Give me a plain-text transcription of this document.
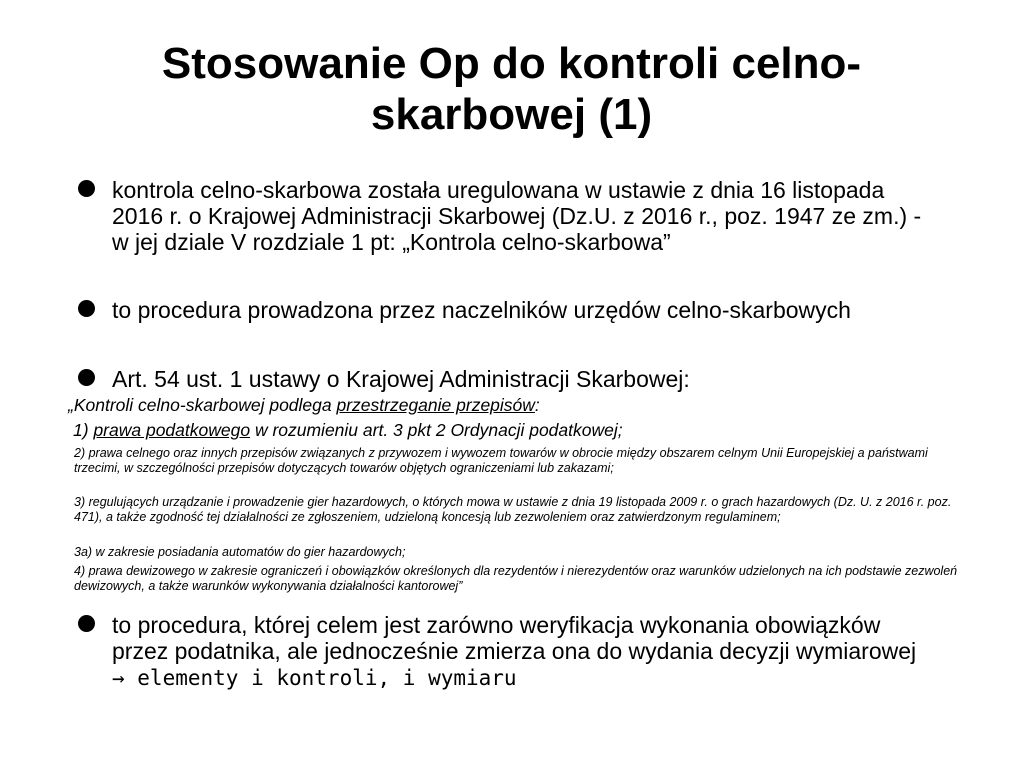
Stosowanie Op do kontroli celno-skarbowej (1)
kontrola celno-skarbowa została uregulowana w ustawie z dnia 16 listopada 2016 r. o Krajowej Administracji Skarbowej (Dz.U. z 2016 r., poz. 1947 ze zm.) - w jej dziale V rozdziale 1 pt: „Kontrola celno-skarbowa”
to procedura prowadzona przez naczelników urzędów celno-skarbowych
Art. 54 ust. 1 ustawy o Krajowej Administracji Skarbowej:
„Kontroli celno-skarbowej podlega przestrzeganie przepisów:
1) prawa podatkowego w rozumieniu art. 3 pkt 2 Ordynacji podatkowej;
2) prawa celnego oraz innych przepisów związanych z przywozem i wywozem towarów w obrocie między obszarem celnym Unii Europejskiej a państwami trzecimi, w szczególności przepisów dotyczących towarów objętych ograniczeniami lub zakazami;
3) regulujących urządzanie i prowadzenie gier hazardowych, o których mowa w ustawie z dnia 19 listopada 2009 r. o grach hazardowych (Dz. U. z 2016 r. poz. 471), a także zgodność tej działalności ze zgłoszeniem, udzieloną koncesją lub zezwoleniem oraz zatwierdzonym regulaminem;
3a) w zakresie posiadania automatów do gier hazardowych;
4) prawa dewizowego w zakresie ograniczeń i obowiązków określonych dla rezydentów i nierezydentów oraz warunków udzielonych na ich podstawie zezwoleń dewizowych, a także warunków wykonywania działalności kantorowej”
to procedura, której celem jest zarówno weryfikacja wykonania obowiązków przez podatnika, ale jednocześnie zmierza ona do wydania decyzji wymiarowej → elementy i kontroli, i wymiaru
